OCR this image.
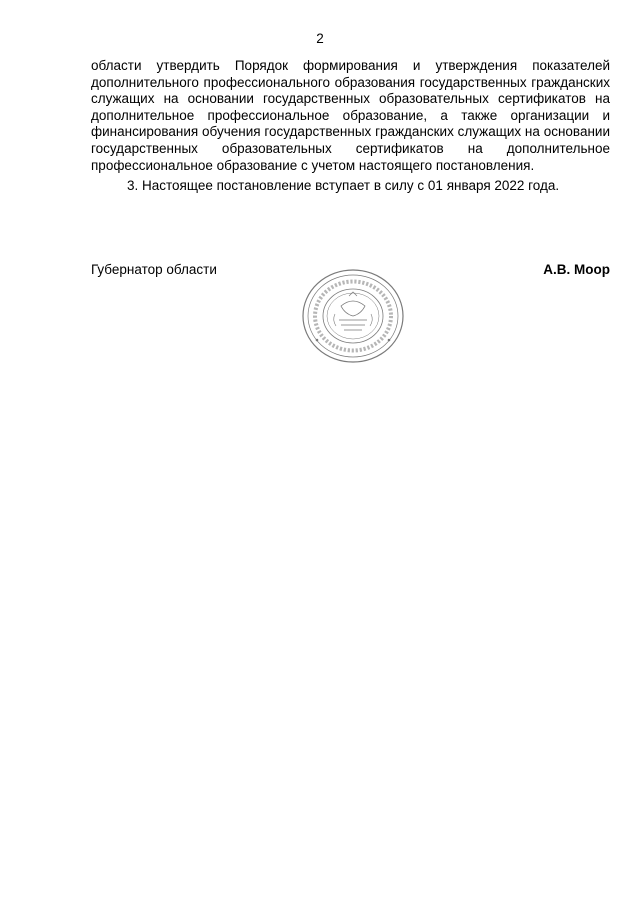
2

области утвердить Порядок формирования и утверждения показателей дополнительного профессионального образования государственных гражданских служащих на основании государственных образовательных сертификатов на дополнительное профессиональное образование, а также организации и финансирования обучения государственных гражданских служащих на основании государственных образовательных сертификатов на дополнительное профессиональное образование с учетом настоящего постановления.

3. Настоящее постановление вступает в силу с 01 января 2022 года.

Губернатор области	А.В. Моор
